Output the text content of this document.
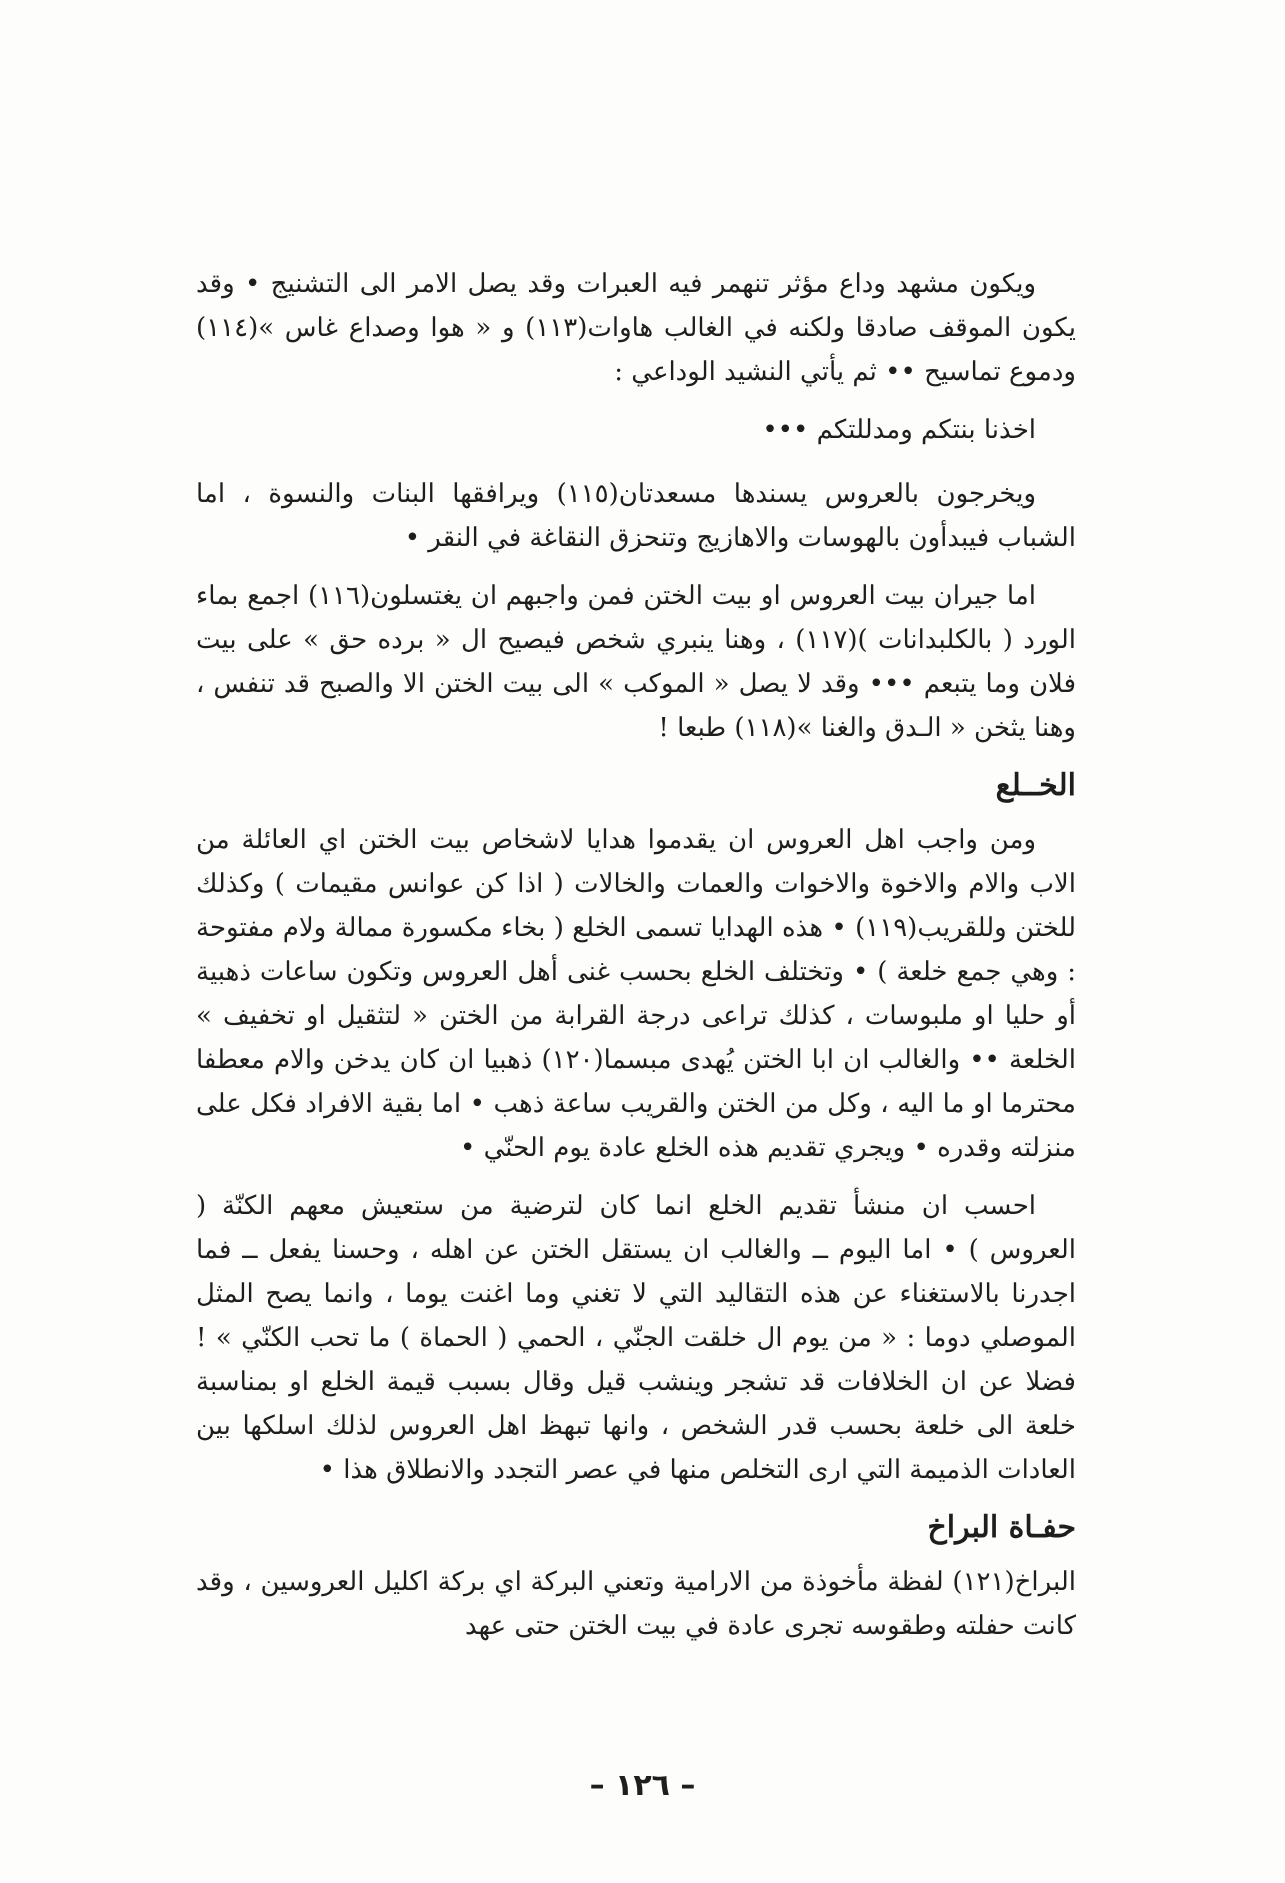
ويكون مشهد وداع مؤثر تنهمر فيه العبرات وقد يصل الامر الى التشنيج • وقد يكون الموقف صادقا ولكنه في الغالب هاوات(١١٣) و « هوا وصداع غاس »(١١٤) ودموع تماسيح •• ثم يأتي النشيد الوداعي :

اخذنا بنتكم ومدللتكم •••

ويخرجون بالعروس يسندها مسعدتان(١١٥) ويرافقها البنات والنسوة ، اما الشباب فيبدأون بالهوسات والاهازيج وتنحزق النقاغة في النقر •

اما جيران بيت العروس او بيت الختن فمن واجبهم ان يغتسلون(١١٦) اجمع بماء الورد ( بالكلبدانات )(١١٧) ، وهنا ينبري شخص فيصيح ال « برده حق » على بيت فلان وما يتبعم ••• وقد لا يصل « الموكب » الى بيت الختن الا والصبح قد تنفس ، وهنا يثخن « الـدق والغنا »(١١٨) طبعا !

الخــلع

ومن واجب اهل العروس ان يقدموا هدايا لاشخاص بيت الختن اي العائلة من الاب والام والاخوة والاخوات والعمات والخالات ( اذا كن عوانس مقيمات ) وكذلك للختن وللقريب(١١٩) • هذه الهدايا تسمى الخلع ( بخاء مكسورة ممالة ولام مفتوحة : وهي جمع خلعة ) • وتختلف الخلع بحسب غنى أهل العروس وتكون ساعات ذهبية أو حليا او ملبوسات ، كذلك تراعى درجة القرابة من الختن « لتثقيل او تخفيف » الخلعة •• والغالب ان ابا الختن يُهدى مبسما(١٢٠) ذهبيا ان كان يدخن والام معطفا محترما او ما اليه ، وكل من الختن والقريب ساعة ذهب • اما بقية الافراد فكل على منزلته وقدره • ويجري تقديم هذه الخلع عادة يوم الحنّي •

احسب ان منشأ تقديم الخلع انما كان لترضية من ستعيش معهم الكنّة ( العروس ) • اما اليوم ــ والغالب ان يستقل الختن عن اهله ، وحسنا يفعل ــ فما اجدرنا بالاستغناء عن هذه التقاليد التي لا تغني وما اغنت يوما ، وانما يصح المثل الموصلي دوما : « من يوم ال خلقت الجنّي ، الحمي ( الحماة ) ما تحب الكنّي » ! فضلا عن ان الخلافات قد تشجر وينشب قيل وقال بسبب قيمة الخلع او بمناسبة خلعة الى خلعة بحسب قدر الشخص ، وانها تبهظ اهل العروس لذلك اسلكها بين العادات الذميمة التي ارى التخلص منها في عصر التجدد والانطلاق هذا •

حفـاة البراخ

البراخ(١٢١) لفظة مأخوذة من الارامية وتعني البركة اي بركة اكليل العروسين ، وقد كانت حفلته وطقوسه تجرى عادة في بيت الختن حتى عهد

– ١٢٦ –
